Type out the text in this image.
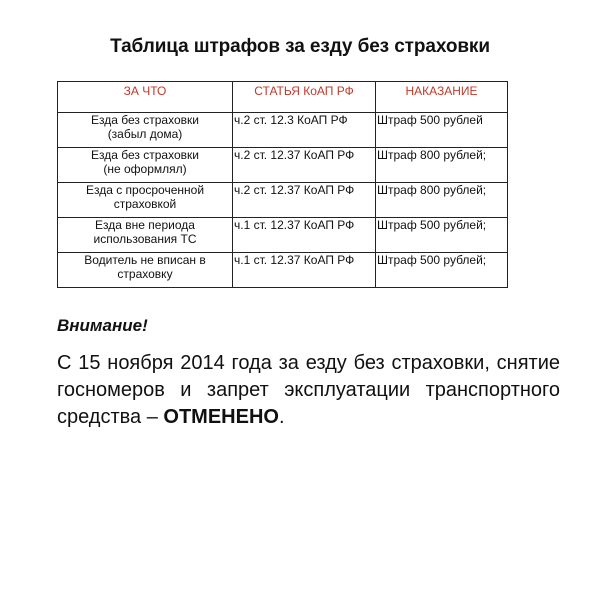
Таблица штрафов за езду без страховки
ЗА ЧТО	СТАТЬЯ КоАП РФ	НАКАЗАНИЕ
Езда без страховки
(забыл дома)	ч.2 ст. 12.3 КоАП РФ	Штраф 500 рублей
Езда без страховки
(не оформлял)	ч.2 ст. 12.37 КоАП РФ	Штраф 800 рублей;
Езда с просроченной
страховкой	ч.2 ст. 12.37 КоАП РФ	Штраф 800 рублей;
Езда вне периода
использования ТС	ч.1 ст. 12.37 КоАП РФ	Штраф 500 рублей;
Водитель не вписан в
страховку	ч.1 ст. 12.37 КоАП РФ	Штраф 500 рублей;
Внимание!
С 15 ноября 2014 года за езду без страховки, снятие госномеров и запрет эксплуатации транспортного средства – ОТМЕНЕНО.
